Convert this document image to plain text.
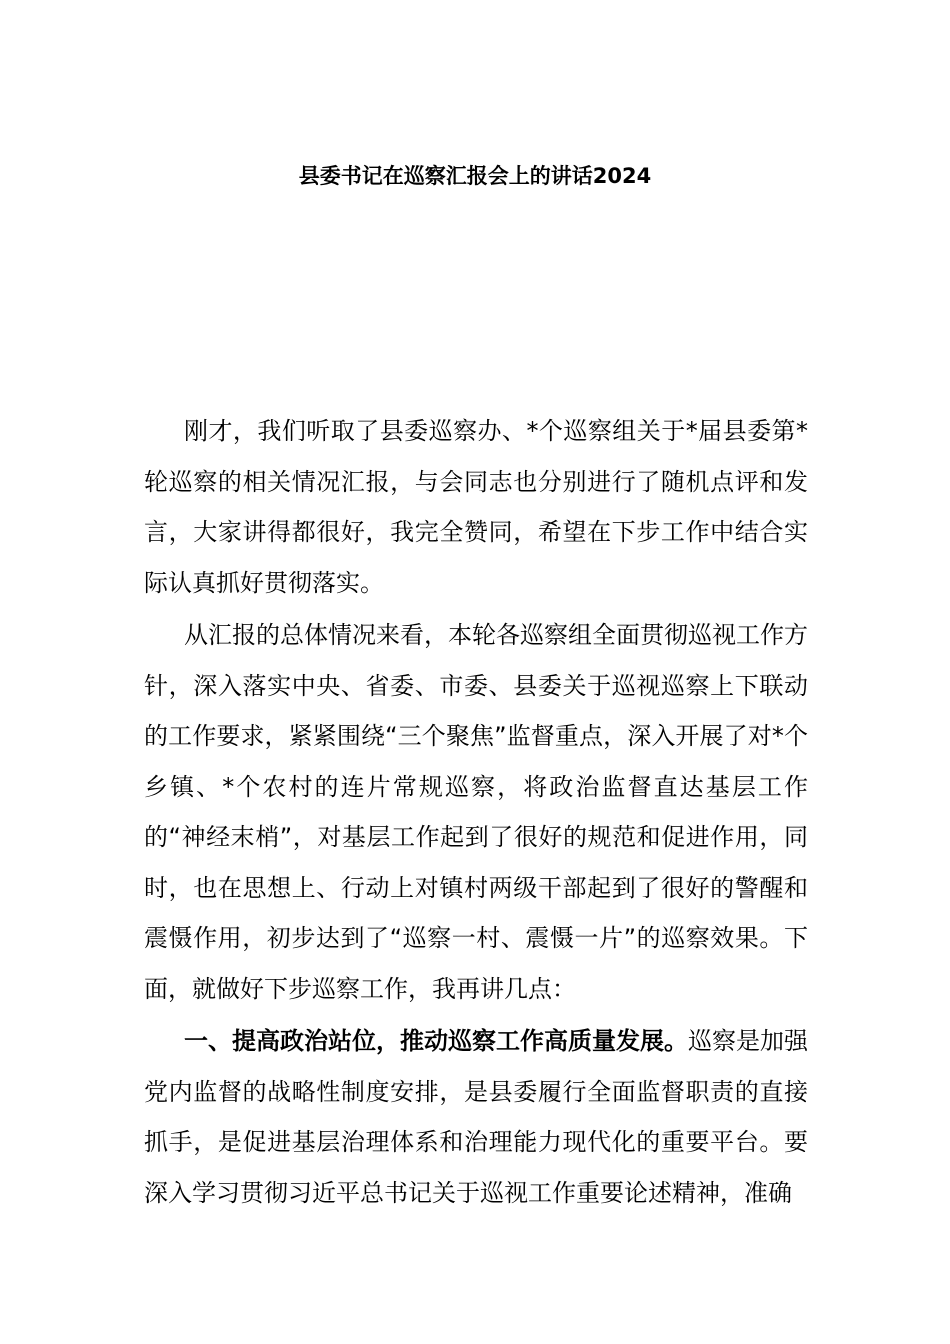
县委书记在巡察汇报会上的讲话2024

刚才，我们听取了县委巡察办、*个巡察组关于*届县委第*轮巡察的相关情况汇报，与会同志也分别进行了随机点评和发言，大家讲得都很好，我完全赞同，希望在下步工作中结合实际认真抓好贯彻落实。

从汇报的总体情况来看，本轮各巡察组全面贯彻巡视工作方针，深入落实中央、省委、市委、县委关于巡视巡察上下联动的工作要求，紧紧围绕“三个聚焦”监督重点，深入开展了对*个乡镇、*个农村的连片常规巡察，将政治监督直达基层工作的“神经末梢”，对基层工作起到了很好的规范和促进作用，同时，也在思想上、行动上对镇村两级干部起到了很好的警醒和震慑作用，初步达到了“巡察一村、震慑一片”的巡察效果。下面，就做好下步巡察工作，我再讲几点：

一、提高政治站位，推动巡察工作高质量发展。巡察是加强党内监督的战略性制度安排，是县委履行全面监督职责的直接抓手，是促进基层治理体系和治理能力现代化的重要平台。要深入学习贯彻习近平总书记关于巡视工作重要论述精神，准确
